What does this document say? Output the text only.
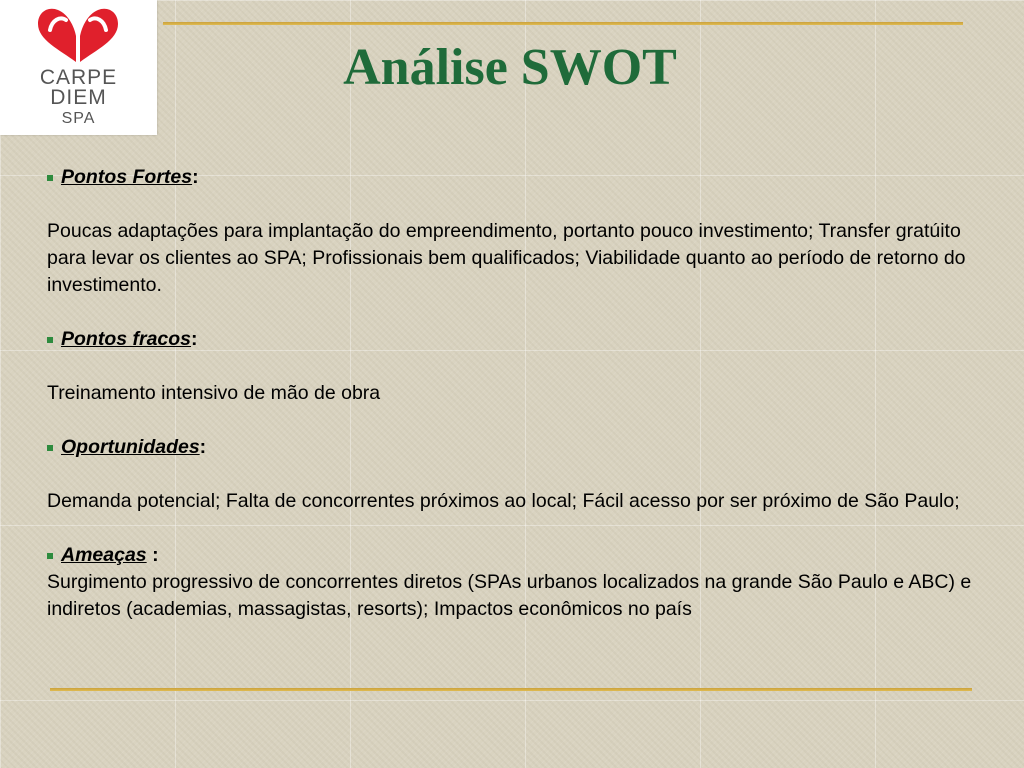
CARPE
DIEM
SPA
Análise SWOT
Pontos Fortes :

Poucas adaptações para implantação do empreendimento, portanto pouco investimento; Transfer gratúito para levar os clientes ao SPA; Profissionais bem qualificados; Viabilidade quanto ao período de retorno do investimento.

Pontos fracos :

Treinamento intensivo de mão de obra

Oportunidades :

Demanda potencial; Falta de concorrentes próximos ao local; Fácil acesso por ser próximo de São Paulo;

Ameaças :

Surgimento progressivo de concorrentes diretos (SPAs urbanos localizados na grande São Paulo e ABC) e indiretos (academias, massagistas, resorts); Impactos econômicos no país
